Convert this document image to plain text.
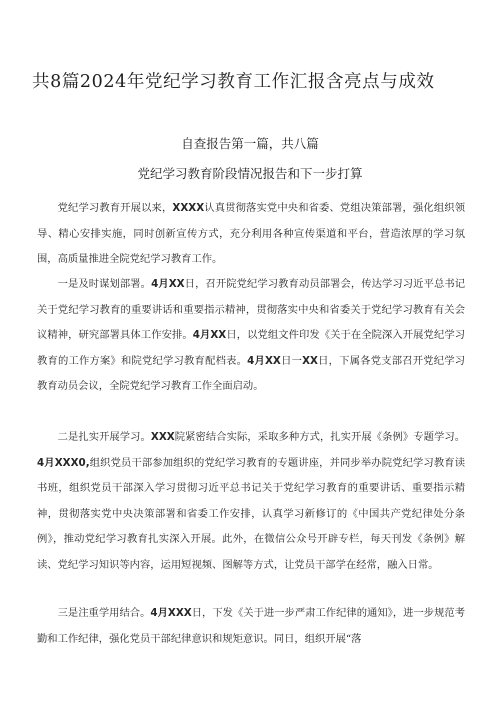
共8篇2024年党纪学习教育工作汇报含亮点与成效
自查报告第一篇，共八篇
党纪学习教育阶段情况报告和下一步打算

党纪学习教育开展以来，XXXX认真贯彻落实党中央和省委、党组决策部署，强化组织领导、精心安排实施，同时创新宣传方式，充分利用各种宣传渠道和平台，营造浓厚的学习氛围，高质量推进全院党纪学习教育工作。

一是及时谋划部署。4月XX日，召开院党纪学习教育动员部署会，传达学习习近平总书记关于党纪学习教育的重要讲话和重要指示精神，贯彻落实中央和省委关于党纪学习教育有关会议精神，研究部署具体工作安排。4月XX日，以党组文件印发《关于在全院深入开展党纪学习教育的工作方案》和院党纪学习教育配档表。4月XX日一XX日，下属各党支部召开党纪学习教育动员会议，全院党纪学习教育工作全面启动。

二是扎实开展学习。XXX院紧密结合实际，采取多种方式，扎实开展《条例》专题学习。4月XXX0,组织党员干部参加组织的党纪学习教育的专题讲座，并同步举办院党纪学习教育读书班，组织党员干部深入学习贯彻习近平总书记关于党纪学习教育的重要讲话、重要指示精神，贯彻落实党中央决策部署和省委工作安排，认真学习新修订的《中国共产党纪律处分条例》，推动党纪学习教育扎实深入开展。此外，在微信公众号开辟专栏，每天刊发《条例》解读、党纪学习知识等内容，运用短视频、图解等方式，让党员干部学在经常，融入日常。

三是注重学用结合。4月XXX日，下发《关于进一步严肃工作纪律的通知》，进一步规范考勤和工作纪律，强化党员干部纪律意识和规矩意识。同日，组织开展“落
